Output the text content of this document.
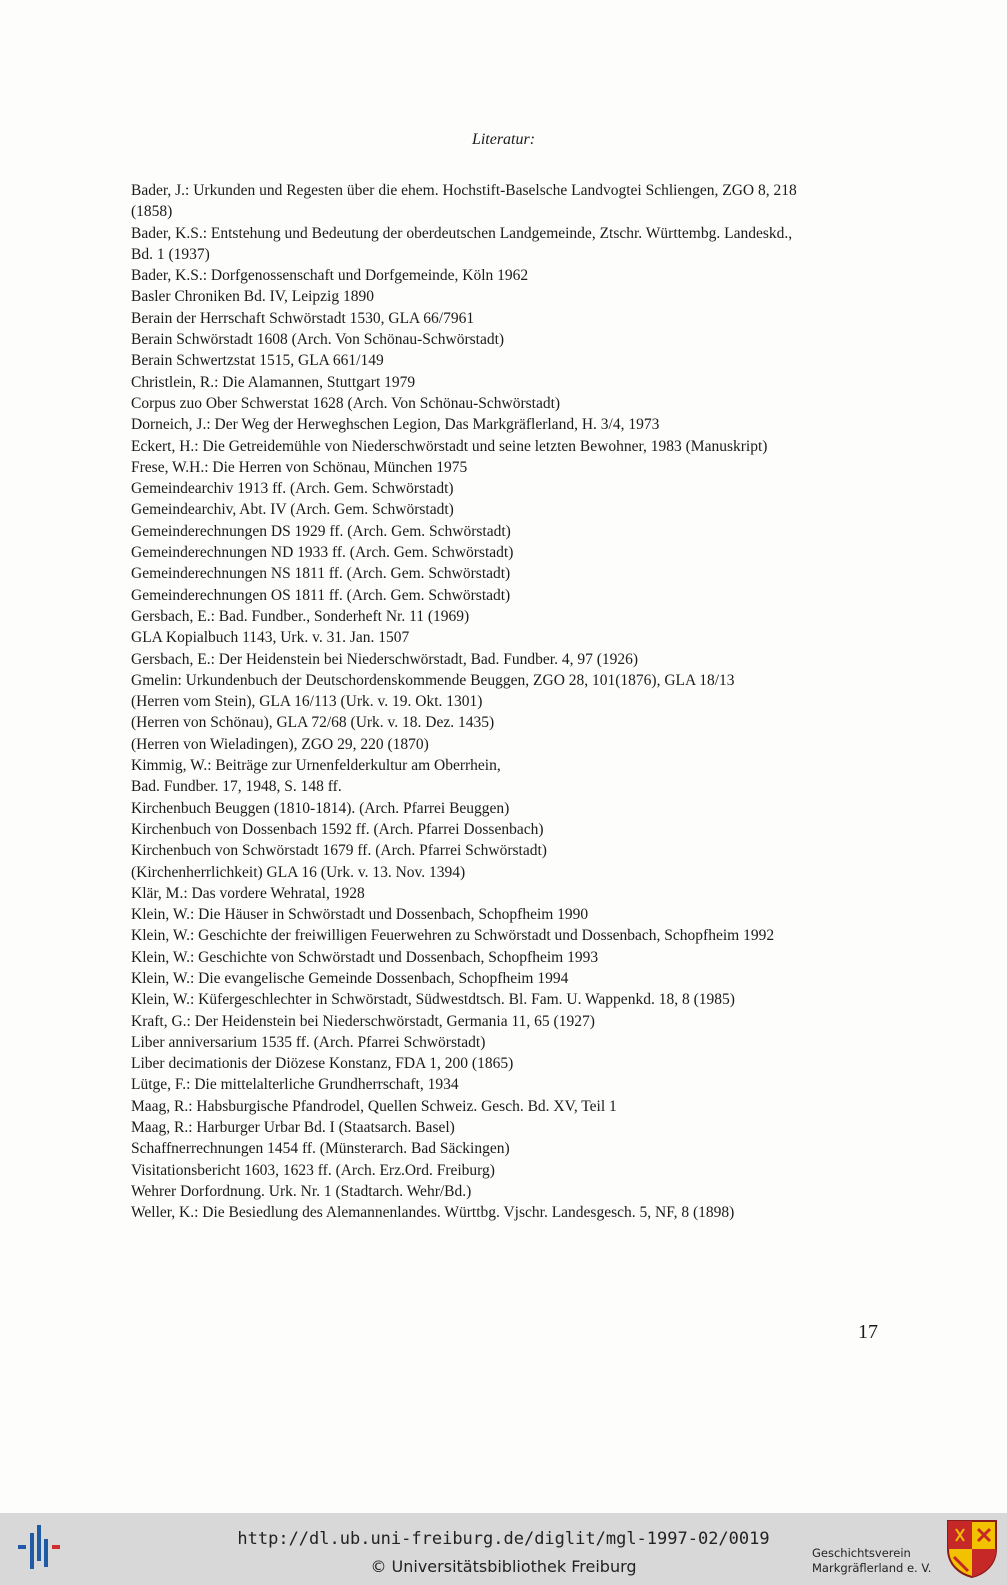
Literatur:
Bader, J.: Urkunden und Regesten über die ehem. Hochstift-Baselsche Landvogtei Schliengen, ZGO 8, 218
(1858)
Bader, K.S.: Entstehung und Bedeutung der oberdeutschen Landgemeinde, Ztschr. Württembg. Landeskd.,
Bd. 1 (1937)
Bader, K.S.: Dorfgenossenschaft und Dorfgemeinde, Köln 1962
Basler Chroniken Bd. IV, Leipzig 1890
Berain der Herrschaft Schwörstadt 1530, GLA 66/7961
Berain Schwörstadt 1608 (Arch. Von Schönau-Schwörstadt)
Berain Schwertzstat 1515, GLA 661/149
Christlein, R.: Die Alamannen, Stuttgart 1979
Corpus zuo Ober Schwerstat 1628 (Arch. Von Schönau-Schwörstadt)
Dorneich, J.: Der Weg der Herweghschen Legion, Das Markgräflerland, H. 3/4, 1973
Eckert, H.: Die Getreidemühle von Niederschwörstadt und seine letzten Bewohner, 1983 (Manuskript)
Frese, W.H.: Die Herren von Schönau, München 1975
Gemeindearchiv 1913 ff. (Arch. Gem. Schwörstadt)
Gemeindearchiv, Abt. IV (Arch. Gem. Schwörstadt)
Gemeinderechnungen DS 1929 ff. (Arch. Gem. Schwörstadt)
Gemeinderechnungen ND 1933 ff. (Arch. Gem. Schwörstadt)
Gemeinderechnungen NS 1811 ff. (Arch. Gem. Schwörstadt)
Gemeinderechnungen OS 1811 ff. (Arch. Gem. Schwörstadt)
Gersbach, E.: Bad. Fundber., Sonderheft Nr. 11 (1969)
GLA Kopialbuch 1143, Urk. v. 31. Jan. 1507
Gersbach, E.: Der Heidenstein bei Niederschwörstadt, Bad. Fundber. 4, 97 (1926)
Gmelin: Urkundenbuch der Deutschordenskommende Beuggen, ZGO 28, 101(1876), GLA 18/13
(Herren vom Stein), GLA 16/113 (Urk. v. 19. Okt. 1301)
(Herren von Schönau), GLA 72/68 (Urk. v. 18. Dez. 1435)
(Herren von Wieladingen), ZGO 29, 220 (1870)
Kimmig, W.: Beiträge zur Urnenfelderkultur am Oberrhein,
Bad. Fundber. 17, 1948, S. 148 ff.
Kirchenbuch Beuggen (1810-1814). (Arch. Pfarrei Beuggen)
Kirchenbuch von Dossenbach 1592 ff. (Arch. Pfarrei Dossenbach)
Kirchenbuch von Schwörstadt 1679 ff. (Arch. Pfarrei Schwörstadt)
(Kirchenherrlichkeit) GLA 16 (Urk. v. 13. Nov. 1394)
Klär, M.: Das vordere Wehratal, 1928
Klein, W.: Die Häuser in Schwörstadt und Dossenbach, Schopfheim 1990
Klein, W.: Geschichte der freiwilligen Feuerwehren zu Schwörstadt und Dossenbach, Schopfheim 1992
Klein, W.: Geschichte von Schwörstadt und Dossenbach, Schopfheim 1993
Klein, W.: Die evangelische Gemeinde Dossenbach, Schopfheim 1994
Klein, W.: Küfergeschlechter in Schwörstadt, Südwestdtsch. Bl. Fam. U. Wappenkd. 18, 8 (1985)
Kraft, G.: Der Heidenstein bei Niederschwörstadt, Germania 11, 65 (1927)
Liber anniversarium 1535 ff. (Arch. Pfarrei Schwörstadt)
Liber decimationis der Diözese Konstanz, FDA 1, 200 (1865)
Lütge, F.: Die mittelalterliche Grundherrschaft, 1934
Maag, R.: Habsburgische Pfandrodel, Quellen Schweiz. Gesch. Bd. XV, Teil 1
Maag, R.: Harburger Urbar Bd. I (Staatsarch. Basel)
Schaffnerrechnungen 1454 ff. (Münsterarch. Bad Säckingen)
Visitationsbericht 1603, 1623 ff. (Arch. Erz.Ord. Freiburg)
Wehrer Dorfordnung. Urk. Nr. 1 (Stadtarch. Wehr/Bd.)
Weller, K.: Die Besiedlung des Alemannenlandes. Württbg. Vjschr. Landesgesch. 5, NF, 8 (1898)
17
http://dl.ub.uni-freiburg.de/diglit/mgl-1997-02/0019
© Universitätsbibliothek Freiburg
Geschichtsverein
Markgräflerland e. V.
